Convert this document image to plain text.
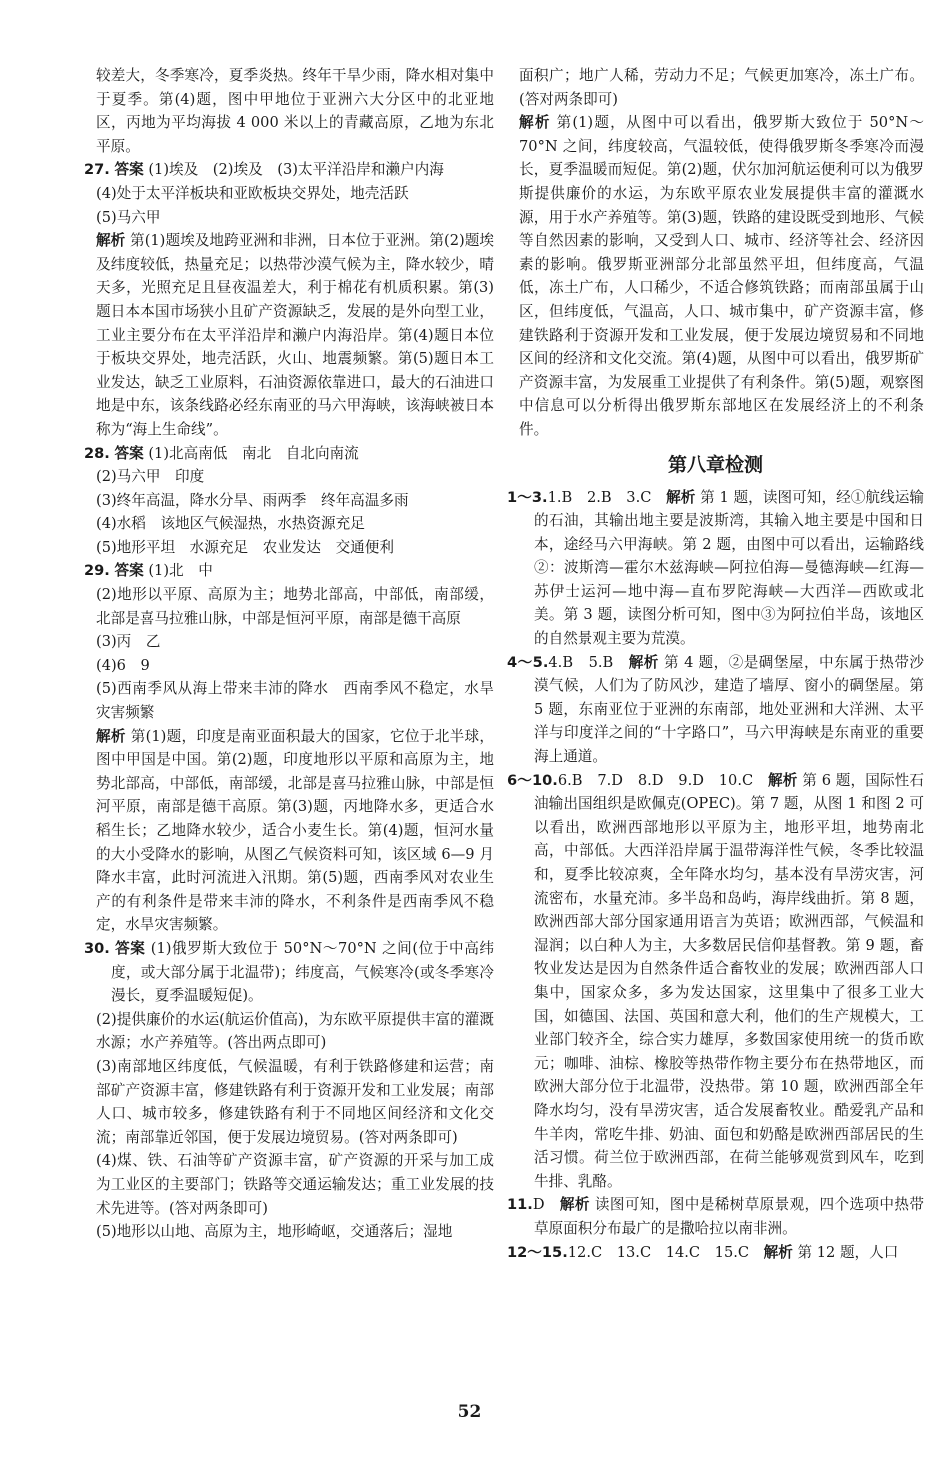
较差大，冬季寒冷，夏季炎热。终年干旱少雨，降水相对集中于夏季。第(4)题，图中甲地位于亚洲六大分区中的北亚地区，丙地为平均海拔 4 000 米以上的青藏高原，乙地为东北平原。

27. 答案 (1)埃及　(2)埃及　(3)太平洋沿岸和濑户内海
(4)处于太平洋板块和亚欧板块交界处，地壳活跃
(5)马六甲

解析 第(1)题埃及地跨亚洲和非洲，日本位于亚洲。第(2)题埃及纬度较低，热量充足；以热带沙漠气候为主，降水较少，晴天多，光照充足且昼夜温差大，利于棉花有机质积累。第(3)题日本本国市场狭小且矿产资源缺乏，发展的是外向型工业，工业主要分布在太平洋沿岸和濑户内海沿岸。第(4)题日本位于板块交界处，地壳活跃，火山、地震频繁。第(5)题日本工业发达，缺乏工业原料，石油资源依靠进口，最大的石油进口地是中东，该条线路必经东南亚的马六甲海峡，该海峡被日本称为“海上生命线”。

28. 答案 (1)北高南低　南北　自北向南流
(2)马六甲　印度
(3)终年高温，降水分旱、雨两季　终年高温多雨
(4)水稻　该地区气候湿热，水热资源充足
(5)地形平坦　水源充足　农业发达　交通便利
29. 答案 (1)北　中

(2)地形以平原、高原为主；地势北部高，中部低，南部缓，北部是喜马拉雅山脉，中部是恒河平原，南部是德干高原

(3)丙　乙
(4)6　9

(5)西南季风从海上带来丰沛的降水　西南季风不稳定，水旱灾害频繁

解析 第(1)题，印度是南亚面积最大的国家，它位于北半球，图中甲国是中国。第(2)题，印度地形以平原和高原为主，地势北部高，中部低，南部缓，北部是喜马拉雅山脉，中部是恒河平原，南部是德干高原。第(3)题，丙地降水多，更适合水稻生长；乙地降水较少，适合小麦生长。第(4)题，恒河水量的大小受降水的影响，从图乙气候资料可知，该区域 6—9 月降水丰富，此时河流进入汛期。第(5)题，西南季风对农业生产的有利条件是带来丰沛的降水，不利条件是西南季风不稳定，水旱灾害频繁。

30. 答案 (1)俄罗斯大致位于 50°N～70°N 之间(位于中高纬度，或大部分属于北温带)；纬度高，气候寒冷(或冬季寒冷漫长，夏季温暖短促)。

(2)提供廉价的水运(航运价值高)，为东欧平原提供丰富的灌溉水源；水产养殖等。(答出两点即可)

(3)南部地区纬度低，气候温暖，有利于铁路修建和运营；南部矿产资源丰富，修建铁路有利于资源开发和工业发展；南部人口、城市较多，修建铁路有利于不同地区间经济和文化交流；南部靠近邻国，便于发展边境贸易。(答对两条即可)

(4)煤、铁、石油等矿产资源丰富，矿产资源的开采与加工成为工业区的主要部门；铁路等交通运输发达；重工业发展的技术先进等。(答对两条即可)

(5)地形以山地、高原为主，地形崎岖，交通落后；湿地

面积广；地广人稀，劳动力不足；气候更加寒冷，冻土广布。(答对两条即可)

解析 第(1)题，从图中可以看出，俄罗斯大致位于 50°N～70°N 之间，纬度较高，气温较低，使得俄罗斯冬季寒冷而漫长，夏季温暖而短促。第(2)题，伏尔加河航运便利可以为俄罗斯提供廉价的水运，为东欧平原农业发展提供丰富的灌溉水源，用于水产养殖等。第(3)题，铁路的建设既受到地形、气候等自然因素的影响，又受到人口、城市、经济等社会、经济因素的影响。俄罗斯亚洲部分北部虽然平坦，但纬度高，气温低，冻土广布，人口稀少，不适合修筑铁路；而南部虽属于山区，但纬度低，气温高，人口、城市集中，矿产资源丰富，修建铁路利于资源开发和工业发展，便于发展边境贸易和不同地区间的经济和文化交流。第(4)题，从图中可以看出，俄罗斯矿产资源丰富，为发展重工业提供了有利条件。第(5)题，观察图中信息可以分析得出俄罗斯东部地区在发展经济上的不利条件。

第八章检测

1～3.1.B　2.B　3.C　 解析 第 1 题，读图可知，经①航线运输的石油，其输出地主要是波斯湾，其输入地主要是中国和日本，途经马六甲海峡。第 2 题，由图中可以看出，运输路线②：波斯湾—霍尔木兹海峡—阿拉伯海—曼德海峡—红海—苏伊士运河—地中海—直布罗陀海峡—大西洋—西欧或北美。第 3 题，读图分析可知，图中③为阿拉伯半岛，该地区的自然景观主要为荒漠。

4～5.4.B　5.B　 解析 第 4 题，②是碉堡屋，中东属于热带沙漠气候，人们为了防风沙，建造了墙厚、窗小的碉堡屋。第 5 题，东南亚位于亚洲的东南部，地处亚洲和大洋洲、太平洋与印度洋之间的“十字路口”，马六甲海峡是东南亚的重要海上通道。

6～10.6.B　7.D　8.D　9.D　10.C　 解析 第 6 题，国际性石油输出国组织是欧佩克(OPEC)。第 7 题，从图 1 和图 2 可以看出，欧洲西部地形以平原为主，地形平坦，地势南北高，中部低。大西洋沿岸属于温带海洋性气候，冬季比较温和，夏季比较凉爽，全年降水均匀，基本没有旱涝灾害，河流密布，水量充沛。多半岛和岛屿，海岸线曲折。第 8 题，欧洲西部大部分国家通用语言为英语；欧洲西部，气候温和湿润；以白种人为主，大多数居民信仰基督教。第 9 题，畜牧业发达是因为自然条件适合畜牧业的发展；欧洲西部人口集中，国家众多，多为发达国家，这里集中了很多工业大国，如德国、法国、英国和意大利，他们的生产规模大，工业部门较齐全，综合实力雄厚，多数国家使用统一的货币欧元；咖啡、油棕、橡胶等热带作物主要分布在热带地区，而欧洲大部分位于北温带，没热带。第 10 题，欧洲西部全年降水均匀，没有旱涝灾害，适合发展畜牧业。酷爱乳产品和牛羊肉，常吃牛排、奶油、面包和奶酪是欧洲西部居民的生活习惯。荷兰位于欧洲西部，在荷兰能够观赏到风车，吃到牛排、乳酪。

11.D　 解析 读图可知，图中是稀树草原景观，四个选项中热带草原面积分布最广的是撒哈拉以南非洲。

12～15.12.C　13.C　14.C　15.C　 解析 第 12 题，人口

52
